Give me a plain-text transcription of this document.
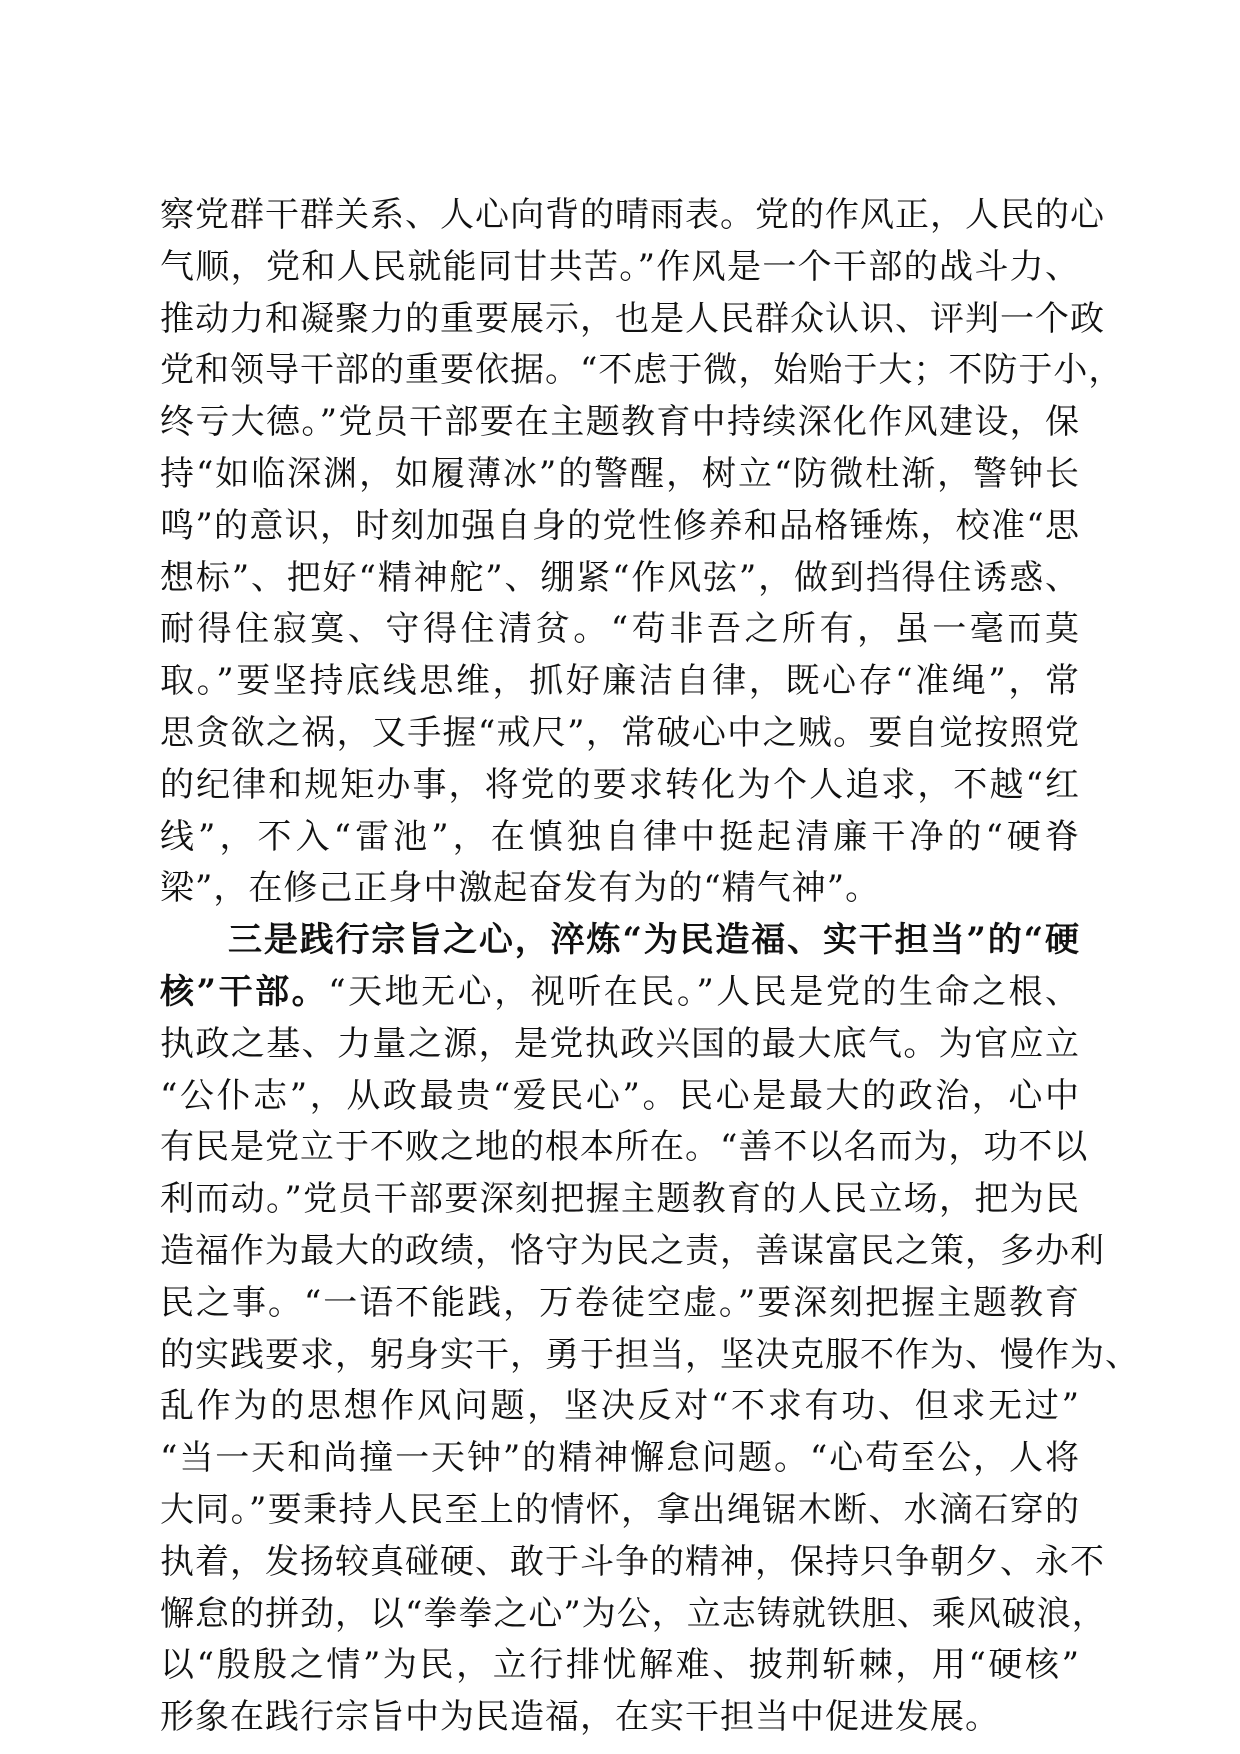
察党群干群关系、人心向背的晴雨表。党的作风正，人民的心
气顺，党和人民就能同甘共苦。”作风是一个干部的战斗力、
推动力和凝聚力的重要展示，也是人民群众认识、评判一个政
党和领导干部的重要依据。“不虑于微，始贻于大；不防于小，
终亏大德。”党员干部要在主题教育中持续深化作风建设，保
持“如临深渊，如履薄冰”的警醒，树立“防微杜渐，警钟长
鸣”的意识，时刻加强自身的党性修养和品格锤炼，校准“思
想标”、把好“精神舵”、绷紧“作风弦”，做到挡得住诱惑、
耐得住寂寞、守得住清贫。“苟非吾之所有，虽一毫而莫
取。”要坚持底线思维，抓好廉洁自律，既心存“准绳”，常
思贪欲之祸，又手握“戒尺”，常破心中之贼。要自觉按照党
的纪律和规矩办事，将党的要求转化为个人追求，不越“红
线”，不入“雷池”，在慎独自律中挺起清廉干净的“硬脊
梁”，在修己正身中激起奋发有为的“精气神”。
三是践行宗旨之心，淬炼“为民造福、实干担当”的“硬
核”干部。“天地无心，视听在民。”人民是党的生命之根、
执政之基、力量之源，是党执政兴国的最大底气。为官应立
“公仆志”，从政最贵“爱民心”。民心是最大的政治，心中
有民是党立于不败之地的根本所在。“善不以名而为，功不以
利而动。”党员干部要深刻把握主题教育的人民立场，把为民
造福作为最大的政绩，恪守为民之责，善谋富民之策，多办利
民之事。“一语不能践，万卷徒空虚。”要深刻把握主题教育
的实践要求，躬身实干，勇于担当，坚决克服不作为、慢作为、
乱作为的思想作风问题，坚决反对“不求有功、但求无过”
“当一天和尚撞一天钟”的精神懈怠问题。“心苟至公，人将
大同。”要秉持人民至上的情怀，拿出绳锯木断、水滴石穿的
执着，发扬较真碰硬、敢于斗争的精神，保持只争朝夕、永不
懈怠的拼劲，以“拳拳之心”为公，立志铸就铁胆、乘风破浪，
以“殷殷之情”为民，立行排忧解难、披荆斩棘，用“硬核”
形象在践行宗旨中为民造福，在实干担当中促进发展。
